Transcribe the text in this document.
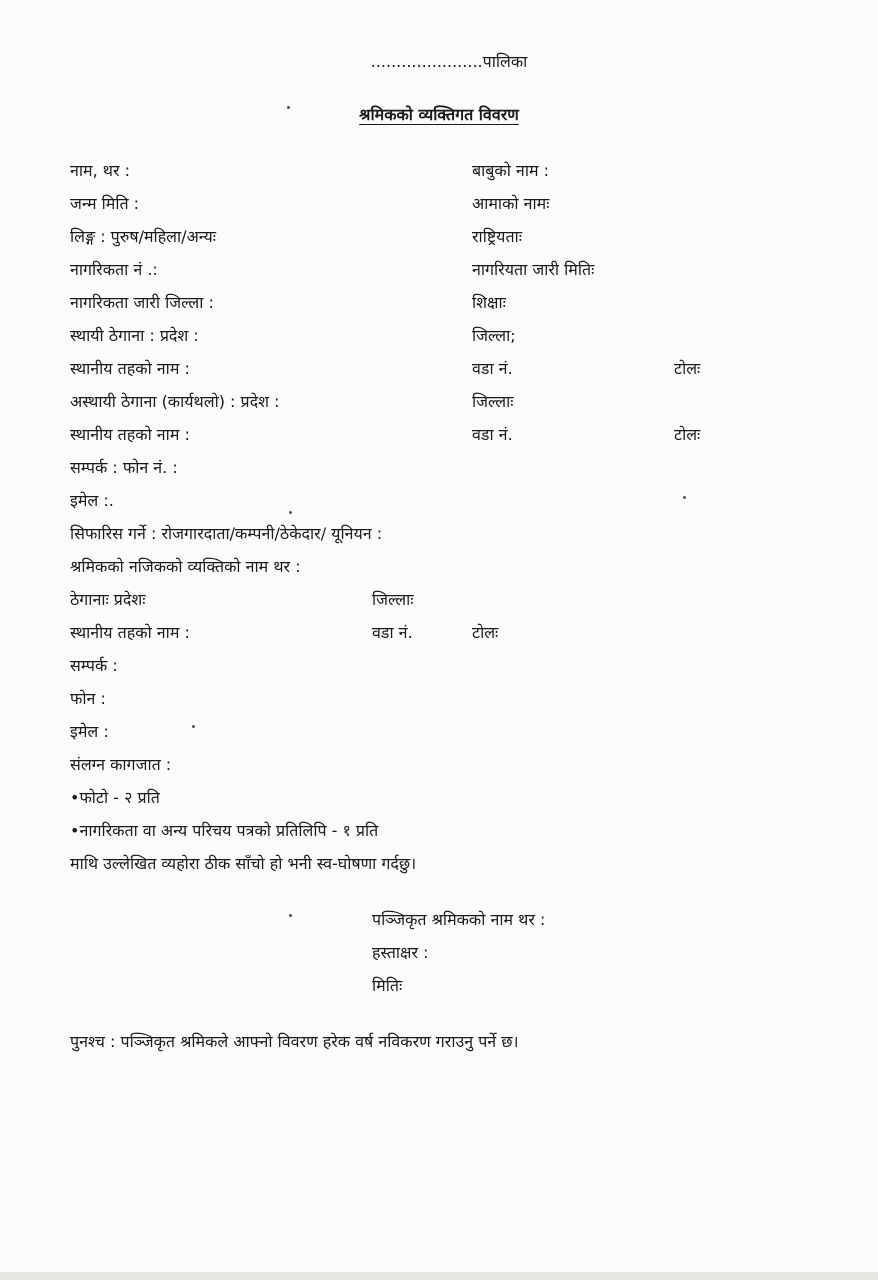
......................पालिका
श्रमिकको व्यक्तिगत विवरण
नाम, थर :	बाबुको नाम :
जन्म मिति :	आमाको नामः
लिङ्ग : पुरुष/महिला/अन्यः	राष्ट्रियताः
नागरिकता नं .:	नागरियता जारी मितिः
नागरिकता जारी जिल्ला :	शिक्षाः
स्थायी ठेगाना : प्रदेश :	जिल्ला;
स्थानीय तहको नाम :	वडा नं.	टोलः
अस्थायी ठेगाना (कार्यथलो) : प्रदेश :	जिल्लाः
स्थानीय तहको नाम :	वडा नं.	टोलः
सम्पर्क : फोन नं. :
इमेल :.
सिफारिस गर्ने : रोजगारदाता/कम्पनी/ठेकेदार/ यूनियन :
श्रमिकको नजिकको व्यक्तिको नाम थर :
ठेगानाः प्रदेशः	जिल्लाः
स्थानीय तहको नाम :	वडा नं.	टोलः
सम्पर्क :
फोन :
इमेल :
संलग्न कागजात :
•फोटो - २ प्रति
•नागरिकता वा अन्य परिचय पत्रको प्रतिलिपि - १ प्रति
माथि उल्लेखित व्यहोरा ठीक साँचो हो भनी स्व-घोषणा गर्दछु।
पञ्जिकृत श्रमिकको नाम थर :
हस्ताक्षर :
मितिः
पुनश्च : पञ्जिकृत श्रमिकले आफ्नो विवरण हरेक वर्ष नविकरण गराउनु पर्ने छ।
